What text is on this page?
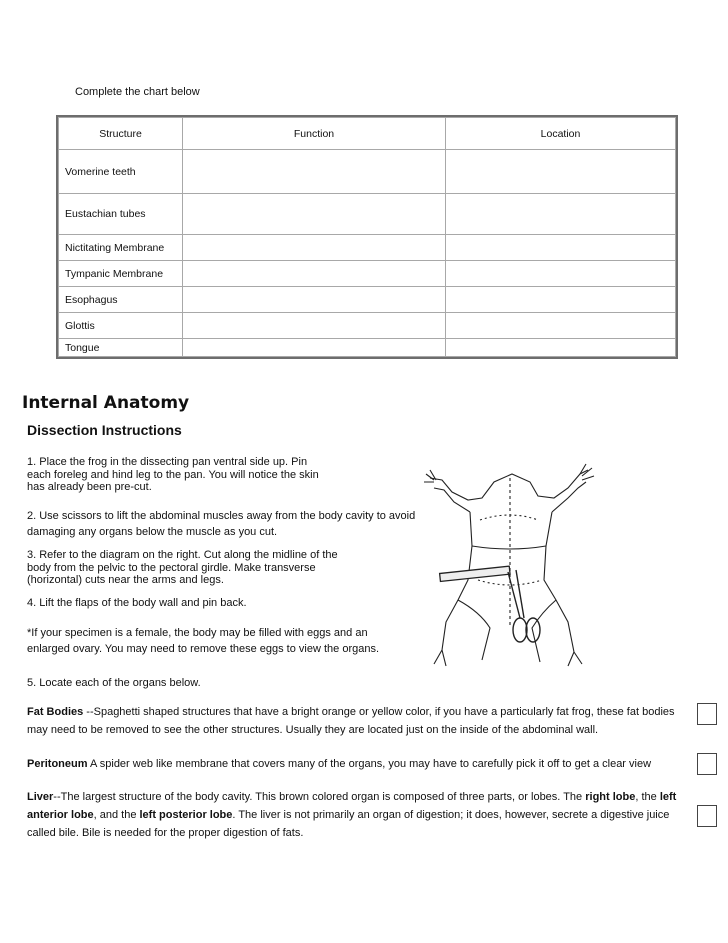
Complete the chart below
Structure	Function	Location
Vomerine teeth		
Eustachian tubes		
Nictitating Membrane		
Tympanic Membrane		
Esophagus		
Glottis		
Tongue		
Internal Anatomy
Dissection Instructions
1. Place the frog in the dissecting pan ventral side up. Pin each foreleg and hind leg to the pan. You will notice the skin has already been pre-cut.
2. Use scissors to lift the abdominal muscles away from the body cavity to avoid damaging any organs below the muscle as you cut.
3. Refer to the diagram on the right. Cut along the midline of the body from the pelvic to the pectoral girdle. Make transverse (horizontal) cuts near the arms and legs.
4. Lift the flaps of the body wall and pin back.
*If your specimen is a female, the body may be filled with eggs and an enlarged ovary. You may need to remove these eggs to view the organs.
5. Locate each of the organs below.
Fat Bodies --Spaghetti shaped structures that have a bright orange or yellow color, if you have a particularly fat frog, these fat bodies may need to be removed to see the other structures. Usually they are located just on the inside of the abdominal wall.
Peritoneum A spider web like membrane that covers many of the organs, you may have to carefully pick it off to get a clear view
Liver--The largest structure of the body cavity. This brown colored organ is composed of three parts, or lobes. The right lobe, the left anterior lobe, and the left posterior lobe. The liver is not primarily an organ of digestion; it does, however, secrete a digestive juice called bile. Bile is needed for the proper digestion of fats.
